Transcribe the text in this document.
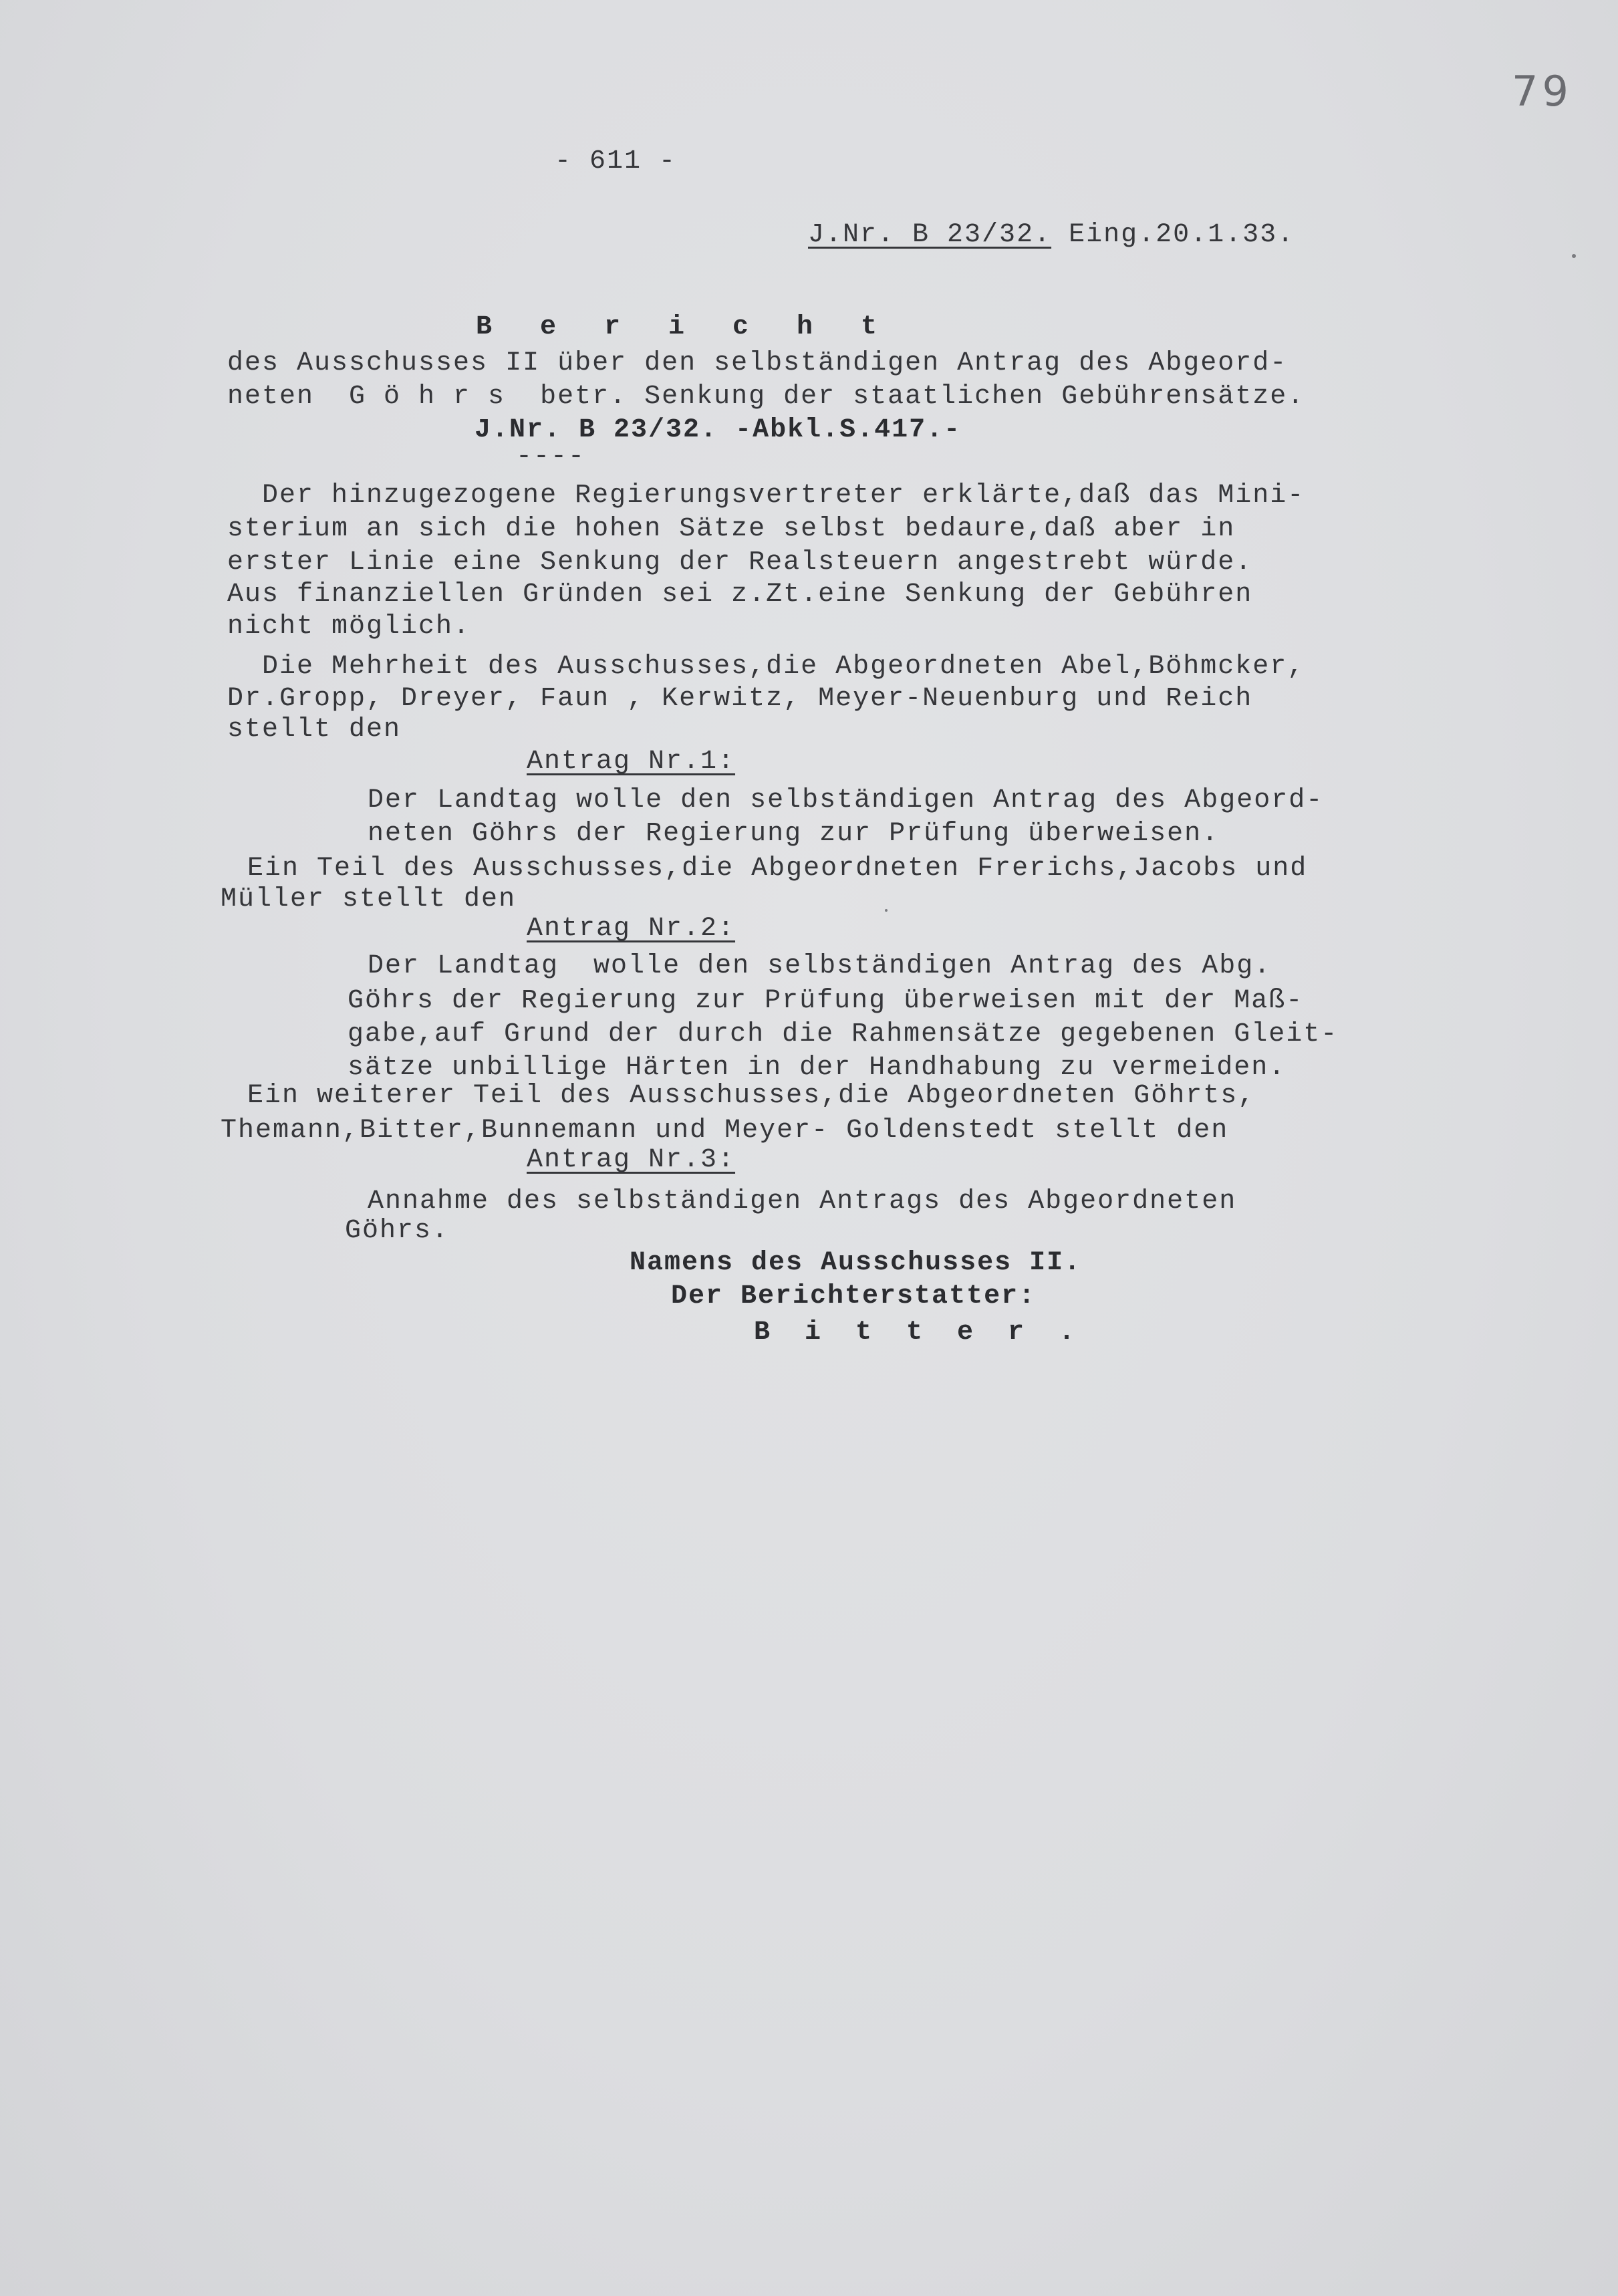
79
- 611 -

J.Nr. B 23/32. Eing.20.1.33.

B e r i c h t
des Ausschusses II über den selbständigen Antrag des Abgeord-
neten  G ö h r s  betr. Senkung der staatlichen Gebührensätze.
J.Nr. B 23/32. -Abkl.S.417.-
----
Der hinzugezogene Regierungsvertreter erklärte,daß das Mini-
sterium an sich die hohen Sätze selbst bedaure,daß aber in
erster Linie eine Senkung der Realsteuern angestrebt würde.
Aus finanziellen Gründen sei z.Zt.eine Senkung der Gebühren
nicht möglich.
Die Mehrheit des Ausschusses,die Abgeordneten Abel,Böhmcker,
Dr.Gropp, Dreyer, Faun , Kerwitz, Meyer-Neuenburg und Reich
stellt den
Antrag Nr.1:
Der Landtag wolle den selbständigen Antrag des Abgeord-
neten Göhrs der Regierung zur Prüfung überweisen.
Ein Teil des Ausschusses,die Abgeordneten Frerichs,Jacobs und
Müller stellt den
Antrag Nr.2:
Der Landtag  wolle den selbständigen Antrag des Abg.
Göhrs der Regierung zur Prüfung überweisen mit der Maß-
gabe,auf Grund der durch die Rahmensätze gegebenen Gleit-
sätze unbillige Härten in der Handhabung zu vermeiden.
Ein weiterer Teil des Ausschusses,die Abgeordneten Göhrts,
Themann,Bitter,Bunnemann und Meyer- Goldenstedt stellt den
Antrag Nr.3:
Annahme des selbständigen Antrags des Abgeordneten
Göhrs.
Namens des Ausschusses II.
Der Berichterstatter:
B i t t e r .
